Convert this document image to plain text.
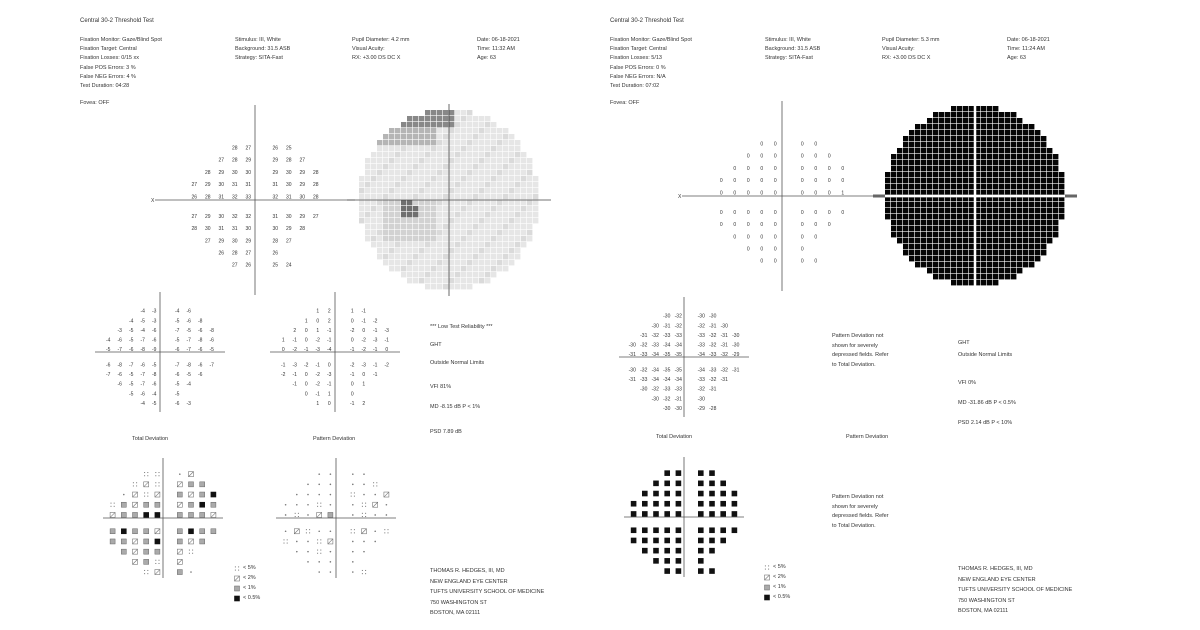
Central 30-2 Threshold Test
Fixation Monitor: Gaze/Blind Spot
Fixation Target: Central
Fixation Losses: 0/15 xx
False POS Errors: 3 %
False NEG Errors: 4 %
Test Duration: 04:28
Fovea: OFF
Stimulus: III, White
Background: 31.5 ASB
Strategy: SITA-Fast
Pupil Diameter: 4.2 mm
Visual Acuity:
RX: +3.00 DS DC X
Date: 06-18-2021
Time: 11:32 AM
Age: 63
28 27	26 25
27 28 29	29 28 27
28 29 30 30	29 30 29 28
27 29 30 31 31	31 30 29 28
26 28 31 32 33	32 31 30 28
27 29 30 32 32	31 30 29 27
28 30 31 31 30	30 29 28
27 29 30 29	28 27
26 28 27	26
27 26	25 24
X
-4 -3	-4 -6
-4 -5 -3	-5 -6 -8
-3 -5 -4 -6	-7 -5 -6 -8
-4 -6 -5 -7 -6	-5 -7 -8 -6
-5 -7 -6 -8 -9	-6 -7 -6 -5
-6 -8 -7 -6 -5	-7 -8 -6 -7
-7 -6 -5 -7 -8	-6 -5 -6
-6 -5 -7 -6	-5 -4
-5 -6 -4	-5
-4 -5	-6 -3
1 2	1 -1
1 0 2	0 -1 -2
2 0 1 -1	-2 0 -1 -3
1 -1 0 -2 -1	0 -2 -3 -1
0 -2 -1 -3 -4	-1 -2 -1 0
-1 -3 -2 -1 0	-2 -3 -1 -2
-2 -1 0 -2 -3	-1 0 -1
-1 0 -2 -1	0 1
0 -1 1	0
1 0	-1 2
Total Deviation	Pattern Deviation
*** Low Test Reliability ***
GHT
Outside Normal Limits
VFI 81%
MD -8.15 dB P < 1%
PSD 7.89 dB
< 5%
< 2%
< 1%
< 0.5%
THOMAS R. HEDGES, III, MD
NEW ENGLAND EYE CENTER
TUFTS UNIVERSITY SCHOOL OF MEDICINE
750 WASHINGTON ST
BOSTON, MA 02111
Central 30-2 Threshold Test
Fixation Monitor: Gaze/Blind Spot
Fixation Target: Central
Fixation Losses: 5/13
False POS Errors: 0 %
False NEG Errors: N/A
Test Duration: 07:02
Fovea: OFF
Stimulus: III, White
Background: 31.5 ASB
Strategy: SITA-Fast
Pupil Diameter: 5.3 mm
Visual Acuity:
RX: +3.00 DS DC X
Date: 06-18-2021
Time: 11:24 AM
Age: 63
0 0	0 0
0 0 0	0 0 0
0 0 0 0	0 0 0 0
0 0 0 0 0	0 0 0 0
0 0 0 0 0	0 0 0 1
0 0 0 0 0	0 0 0 0
0 0 0 0 0	0 0 0
0 0 0 0	0 0
0 0 0	0
0 0	0 0
X
-30 -32	-30 -30
-30 -31 -32	-32 -31 -30
-31 -32 -33 -33	-33 -32 -31 -30
-30 -32 -33 -34 -34	-33 -32 -31 -30
-31 -33 -34 -35 -35	-34 -33 -32 -29
-30 -32 -34 -35 -35	-34 -33 -32 -31
-31 -33 -34 -34 -34	-33 -32 -31
-30 -32 -33 -33	-32 -31
-30 -32 -31	-30
-30 -30	-29 -28
Total Deviation	Pattern Deviation
GHT
Outside Normal Limits
VFI 0%
MD -31.86 dB P < 0.5%
PSD 2.14 dB P < 10%
Pattern Deviation not
Pattern Deviation not
shown for severely
shown for severely
depressed fields. Refer
depressed fields. Refer
to Total Deviation.
to Total Deviation.
< 5%
< 2%
< 1%
< 0.5%
THOMAS R. HEDGES, III, MD
NEW ENGLAND EYE CENTER
TUFTS UNIVERSITY SCHOOL OF MEDICINE
750 WASHINGTON ST
BOSTON, MA 02111
